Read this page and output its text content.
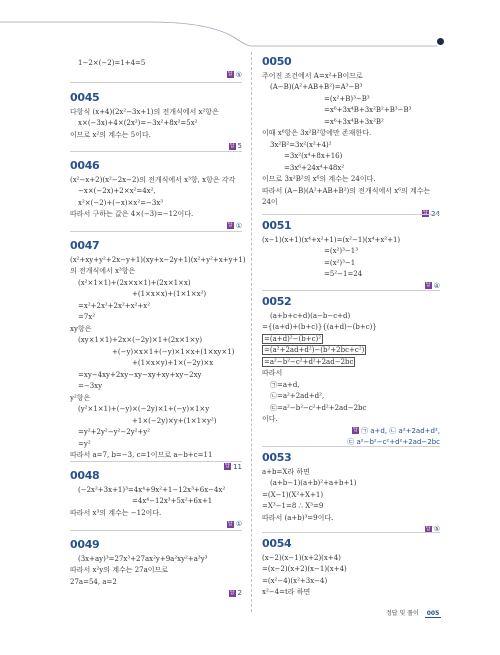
1−2×(−2)=1+4=5
답 ⑤
0045
다항식 (x+4)(2x²−3x+1)의 전개식에서 x²항은
x×(−3x)+4×(2x²)=−3x²+8x²=5x²
이므로 x²의 계수는 5이다.
답 5
0046
(x²−x+2)(x²−2x−2)의 전개식에서 x³항, x항은 각각
−x×(−2x)+2×x²=4x²,
x²×(−2)+(−x)×x²=−3x³
따라서 구하는 값은 4×(−3)=−12이다.
답 ①
0047
(x²+xy+y²+2x−y+1)(xy+x−2y+1)(x²+y²+x+y+1)
의 전개식에서 x³항은
(x²×1×1)+(2x×x×1)+(2x×1×x)
+(1×x×x)+(1×1×x²)
=x²+2x²+2x²+x²+x²
=7x²
xy항은
(xy×1×1)+2x×(−2y)×1+(2x×1×y)
+(−y)×x×1+(−y)×1×x+(1×xy×1)
+(1×x×y)+1×(−2y)×x
=xy−4xy+2xy−xy−xy+xy+xy−2xy
=−3xy
y²항은
(y²×1×1)+(−y)×(−2y)×1+(−y)×1×y
+1×(−2y)×y+(1×1×y²)
=y²+2y²−y²−2y²+y²
=y²
따라서 a=7, b=−3, c=1이므로 a−b+c=11
답 11
0048
(−2x²+3x+1)³=4x⁴+9x²+1−12x³+6x−4x²
=4x⁴−12x³+5x²+6x+1
따라서 x³의 계수는 −12이다.
답 ①
0049
(3x+ay)³=27x³+27ax²y+9a²xy²+a³y³
따라서 x²y의 계수는 27a이므로
27a=54, a=2
답 2
0050
주어진 조건에서 A=x²+B이므로
(A−B)(A²+AB+B²)=A³−B³
=(x²+B)³−B³
=x⁶+3x⁴B+3x²B²+B³−B³
=x⁶+3x⁴B+3x²B²
이때 x⁶항은 3x²B²항에만 존재한다.
3x²B²=3x²(x²+4)²
=3x²(x⁴+8x+16)
=3x⁶+24x⁴+48x²
이므로 3x²B²의 x⁶의 계수는 24이다.
따라서 (A−B)(A²+AB+B²)의 전개식에서 x⁶의 계수는 24이
답 24
0051
(x−1)(x+1)(x⁴+x²+1)=(x²−1)(x⁴+x²+1)
=(x²)³−1³
=(x²)³−1
=5²−1=24
답 ④
0052
(a+b+c+d)(a−b−c+d)
={(a+d)+(b+c)}{(a+d)−(b+c)}
=(a+d)²−(b+c)²
=(a²+2ad+d²)−(b²+2bc+c²)
=a²−b²−c²+d²+2ad−2bc
따라서
㉠=a+d,
㉡=a²+2ad+d²,
㉢=a²−b²−c²+d²+2ad−2bc
이다.
답 ㉠ a+d, ㉡ a²+2ad+d²,
㉢ a²−b²−c²+d²+2ad−2bc
0053
a+b=X라 하면
(a+b−1)(a+b)²+a+b+1)
=(X−1)(X²+X+1)
=X³−1=8 ∴ X³=9
따라서 (a+b)³=9이다.
답 ⑤
0054
(x−2)(x−1)(x+2)(x+4)
=(x−2)(x+2)(x−1)(x+4)
=(x²−4)(x²+3x−4)
x²−4=t라 하면
정답 및 풀이 005
